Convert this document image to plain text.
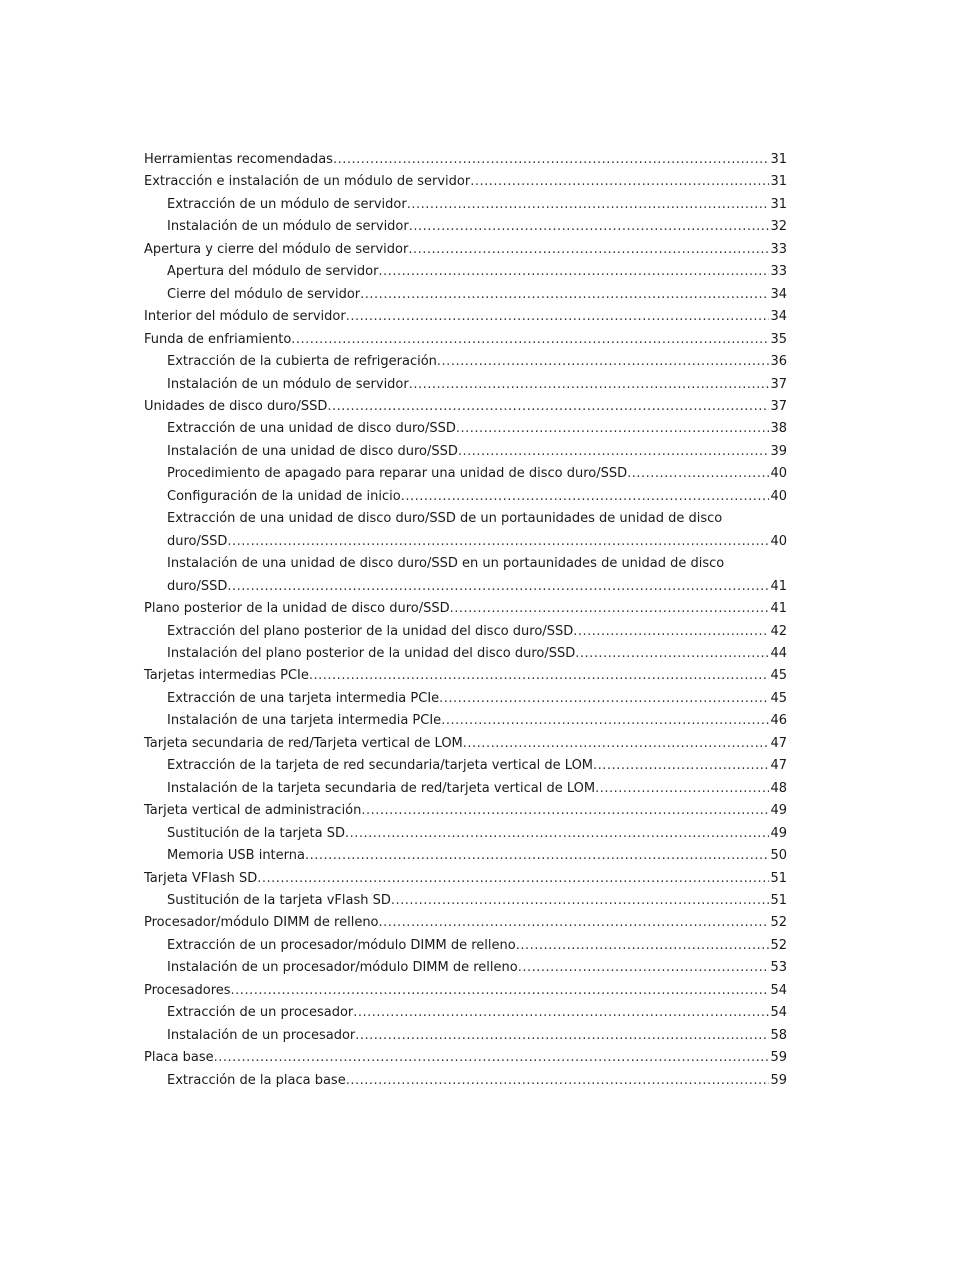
Herramientas recomendadas .....	31
Extracción e instalación de un módulo de servidor .....	31
Extracción de un módulo de servidor .....	31
Instalación de un módulo de servidor .....	32
Apertura y cierre del módulo de servidor .....	33
Apertura del módulo de servidor .....	33
Cierre del módulo de servidor .....	34
Interior del módulo de servidor .....	34
Funda de enfriamiento .....	35
Extracción de la cubierta de refrigeración .....	36
Instalación de un módulo de servidor .....	37
Unidades de disco duro/SSD .....	37
Extracción de una unidad de disco duro/SSD .....	38
Instalación de una unidad de disco duro/SSD .....	39
Procedimiento de apagado para reparar una unidad de disco duro/SSD .....	40
Configuración de la unidad de inicio .....	40
Extracción de una unidad de disco duro/SSD de un portaunidades de unidad de disco
duro/SSD .....	40
Instalación de una unidad de disco duro/SSD en un portaunidades de unidad de disco
duro/SSD .....	41
Plano posterior de la unidad de disco duro/SSD .....	41
Extracción del plano posterior de la unidad del disco duro/SSD .....	42
Instalación del plano posterior de la unidad del disco duro/SSD .....	44
Tarjetas intermedias PCIe .....	45
Extracción de una tarjeta intermedia PCIe .....	45
Instalación de una tarjeta intermedia PCIe .....	46
Tarjeta secundaria de red/Tarjeta vertical de LOM .....	47
Extracción de la tarjeta de red secundaria/tarjeta vertical de LOM .....	47
Instalación de la tarjeta secundaria de red/tarjeta vertical de LOM .....	48
Tarjeta vertical de administración .....	49
Sustitución de la tarjeta SD .....	49
Memoria USB interna .....	50
Tarjeta VFlash SD .....	51
Sustitución de la tarjeta vFlash SD .....	51
Procesador/módulo DIMM de relleno .....	52
Extracción de un procesador/módulo DIMM de relleno .....	52
Instalación de un procesador/módulo DIMM de relleno .....	53
Procesadores .....	54
Extracción de un procesador .....	54
Instalación de un procesador .....	58
Placa base .....	59
Extracción de la placa base .....	59
